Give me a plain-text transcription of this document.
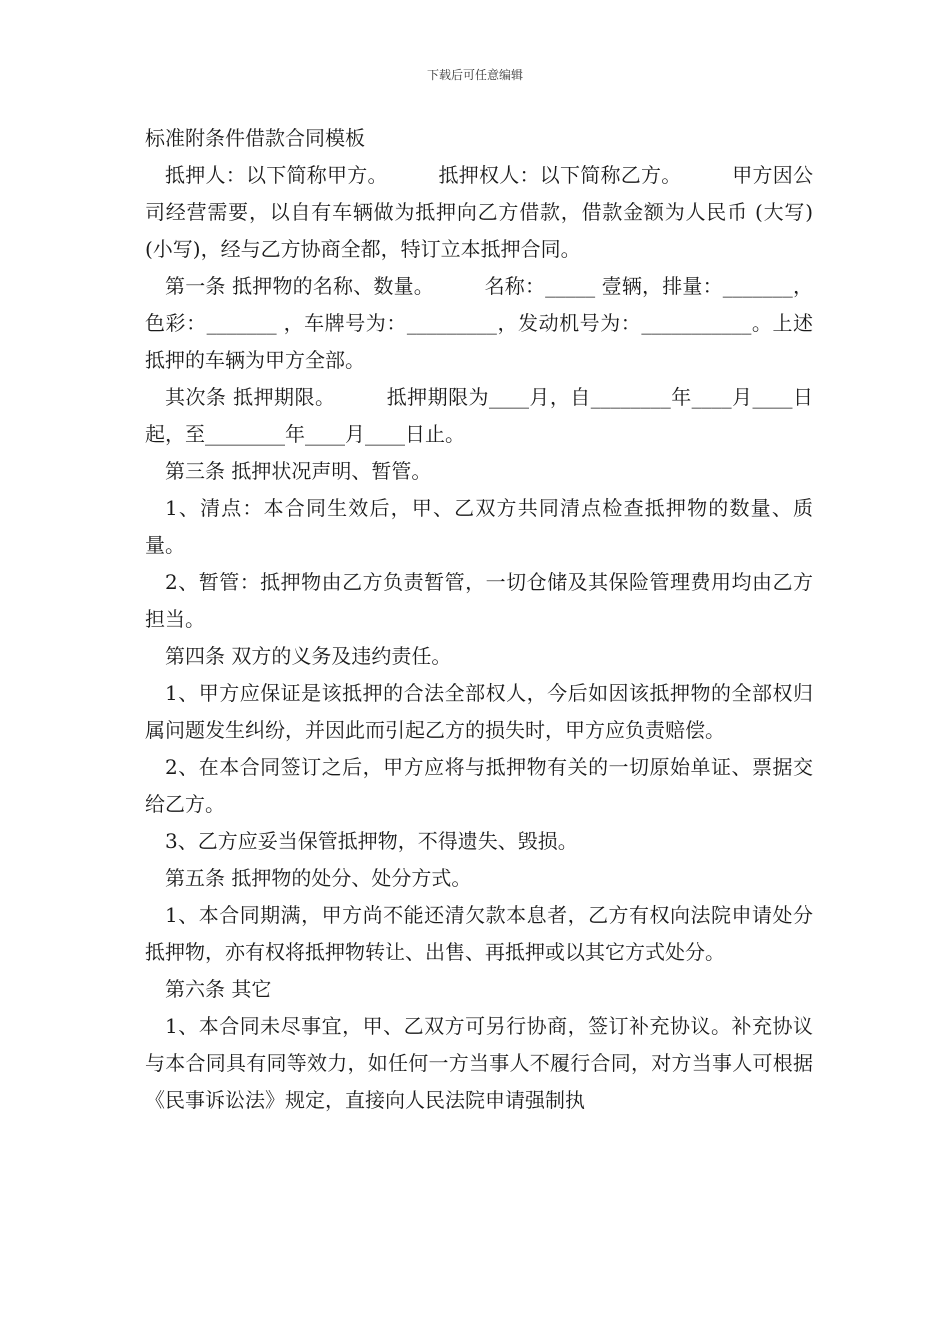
下载后可任意编辑

标准附条件借款合同模板

抵押人：以下简称甲方。　　　抵押权人：以下简称乙方。　　　甲方因公司经营需要，以自有车辆做为抵押向乙方借款，借款金额为人民币 (大写) (小写)，经与乙方协商全都，特订立本抵押合同。

第一条 抵押物的名称、数量。　　　名称：_____ 壹辆，排量：_______，色彩：_______ ，车牌号为：_________，发动机号为：___________。上述抵押的车辆为甲方全部。

其次条 抵押期限。　　　抵押期限为____月，自________年____月____日起，至________年____月____日止。

第三条 抵押状况声明、暂管。

1、清点：本合同生效后，甲、乙双方共同清点检查抵押物的数量、质量。

2、暂管：抵押物由乙方负责暂管，一切仓储及其保险管理费用均由乙方担当。

第四条 双方的义务及违约责任。

1、甲方应保证是该抵押的合法全部权人，今后如因该抵押物的全部权归属问题发生纠纷，并因此而引起乙方的损失时，甲方应负责赔偿。

2、在本合同签订之后，甲方应将与抵押物有关的一切原始单证、票据交给乙方。

3、乙方应妥当保管抵押物，不得遗失、毁损。

第五条 抵押物的处分、处分方式。

1、本合同期满，甲方尚不能还清欠款本息者，乙方有权向法院申请处分抵押物，亦有权将抵押物转让、出售、再抵押或以其它方式处分。

第六条 其它

1、本合同未尽事宜，甲、乙双方可另行协商，签订补充协议。补充协议与本合同具有同等效力，如任何一方当事人不履行合同，对方当事人可根据《民事诉讼法》规定，直接向人民法院申请强制执
